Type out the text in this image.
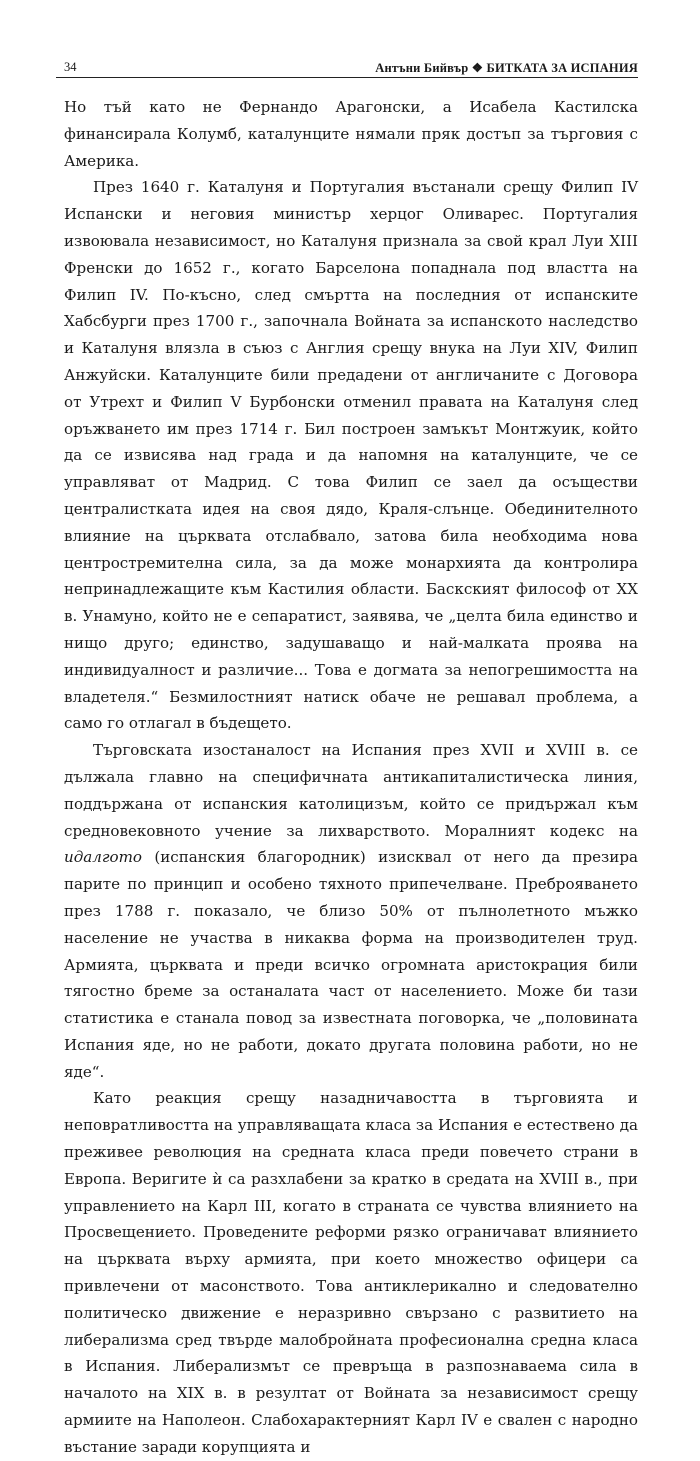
34	Антъни Бийвър ❖ БИТКАТА ЗА ИСПАНИЯ

Но тъй като не Фернандо Арагонски, а Исабела Кастилска финансирала Колумб, каталунците нямали пряк достъп за търговия с Америка.

През 1640 г. Каталуня и Португалия въстанали срещу Филип IV Испански и неговия министър херцог Оливарес. Португалия извоювала независимост, но Каталуня признала за свой крал Луи XIII Френски до 1652 г., когато Барселона попаднала под властта на Филип IV. По-късно, след смъртта на последния от испанските Хабсбурги през 1700 г., започнала Войната за испанското наследство и Каталуня влязла в съюз с Англия срещу внука на Луи XIV, Филип Анжуйски. Каталунците били предадени от англичаните с Договора от Утрехт и Филип V Бурбонски отменил правата на Каталуня след оръжването им през 1714 г. Бил построен замъкът Монтжуик, който да се извисява над града и да напомня на каталунците, че се управляват от Мадрид. С това Филип се заел да осъществи централистката идея на своя дядо, Краля-слънце. Обединителното влияние на църквата отслабвало, затова била необходима нова центростремителна сила, за да може монархията да контролира непринадлежащите към Кастилия области. Баскският философ от XX в. Унамуно, който не е сепаратист, заявява, че „целта била единство и нищо друго; единство, задушаващо и най-малката проява на индивидуалност и различие... Това е догмата за непогрешимостта на владетеля.“ Безмилостният натиск обаче не решавал проблема, а само го отлагал в бъдещето.

Търговската изостаналост на Испания през XVII и XVIII в. се дължала главно на специфичната антикапиталистическа линия, поддържана от испанския католицизъм, който се придържал към средновековното учение за лихварството. Моралният кодекс на идалгото (испанския благородник) изисквал от него да презира парите по принцип и особено тяхното припечелване. Преброяването през 1788 г. показало, че близо 50% от пълнолетното мъжко население не участва в никаква форма на производителен труд. Армията, църквата и преди всичко огромната аристокрация били тягостно бреме за останалата част от населението. Може би тази статистика е станала повод за известната поговорка, че „половината Испания яде, но не работи, докато другата половина работи, но не яде“.

Като реакция срещу назадничавостта в търговията и неповратливостта на управляващата класа за Испания е естествено да преживее революция на средната класа преди повечето страни в Европа. Веригите ѝ са разхлабени за кратко в средата на XVIII в., при управлението на Карл III, когато в страната се чувства влиянието на Просвещението. Проведените реформи рязко ограничават влиянието на църквата върху армията, при което множество офицери са привлечени от масонството. Това антиклерикално и следователно политическо движение е неразривно свързано с развитието на либерализма сред твърде малобройната професионална средна класа в Испания. Либерализмът се превръща в разпознаваема сила в началото на XIX в. в резултат от Войната за независимост срещу армиите на Наполеон. Слабохарактерният Карл IV е свален с народно въстание заради корупцията и
